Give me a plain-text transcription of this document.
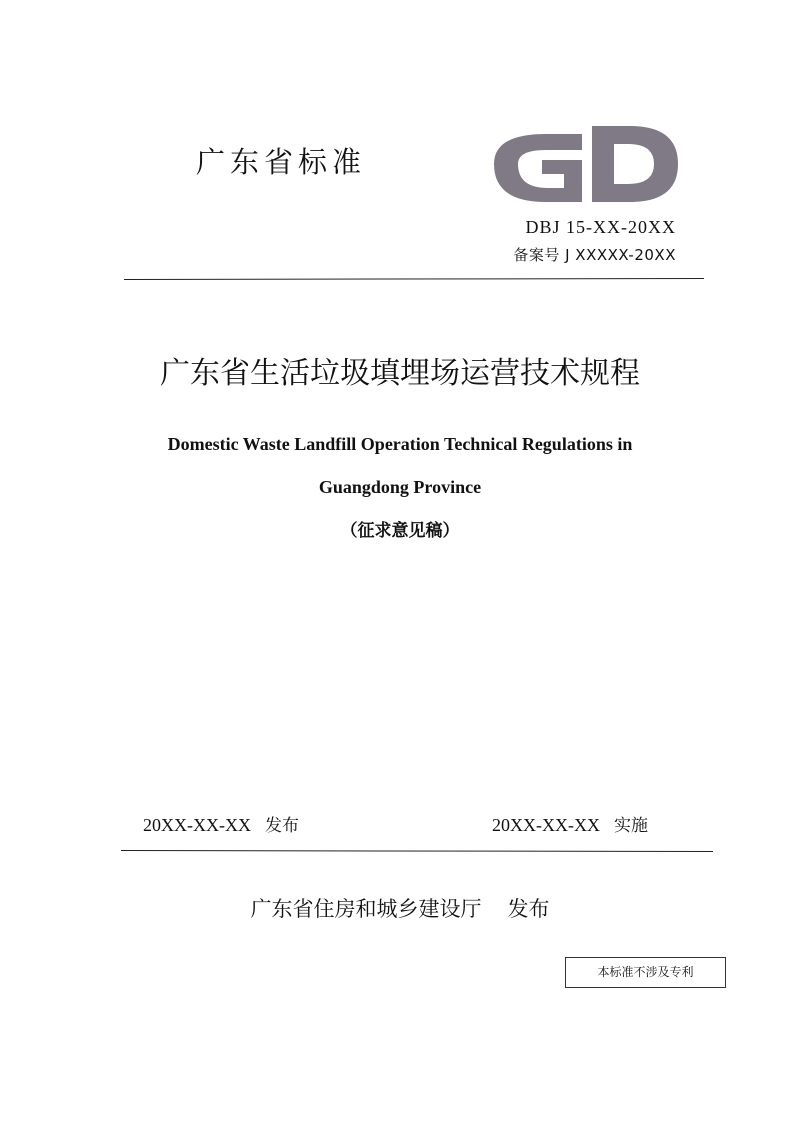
广东省标准
DBJ 15-XX-20XX
备案号 J XXXXX-20XX
广东省生活垃圾填埋场运营技术规程
Domestic Waste Landfill Operation Technical Regulations in
Guangdong Province
（征求意见稿）
20XX-XX-XX 发布	20XX-XX-XX 实施
广东省住房和城乡建设厅 发布
本标准不涉及专利
